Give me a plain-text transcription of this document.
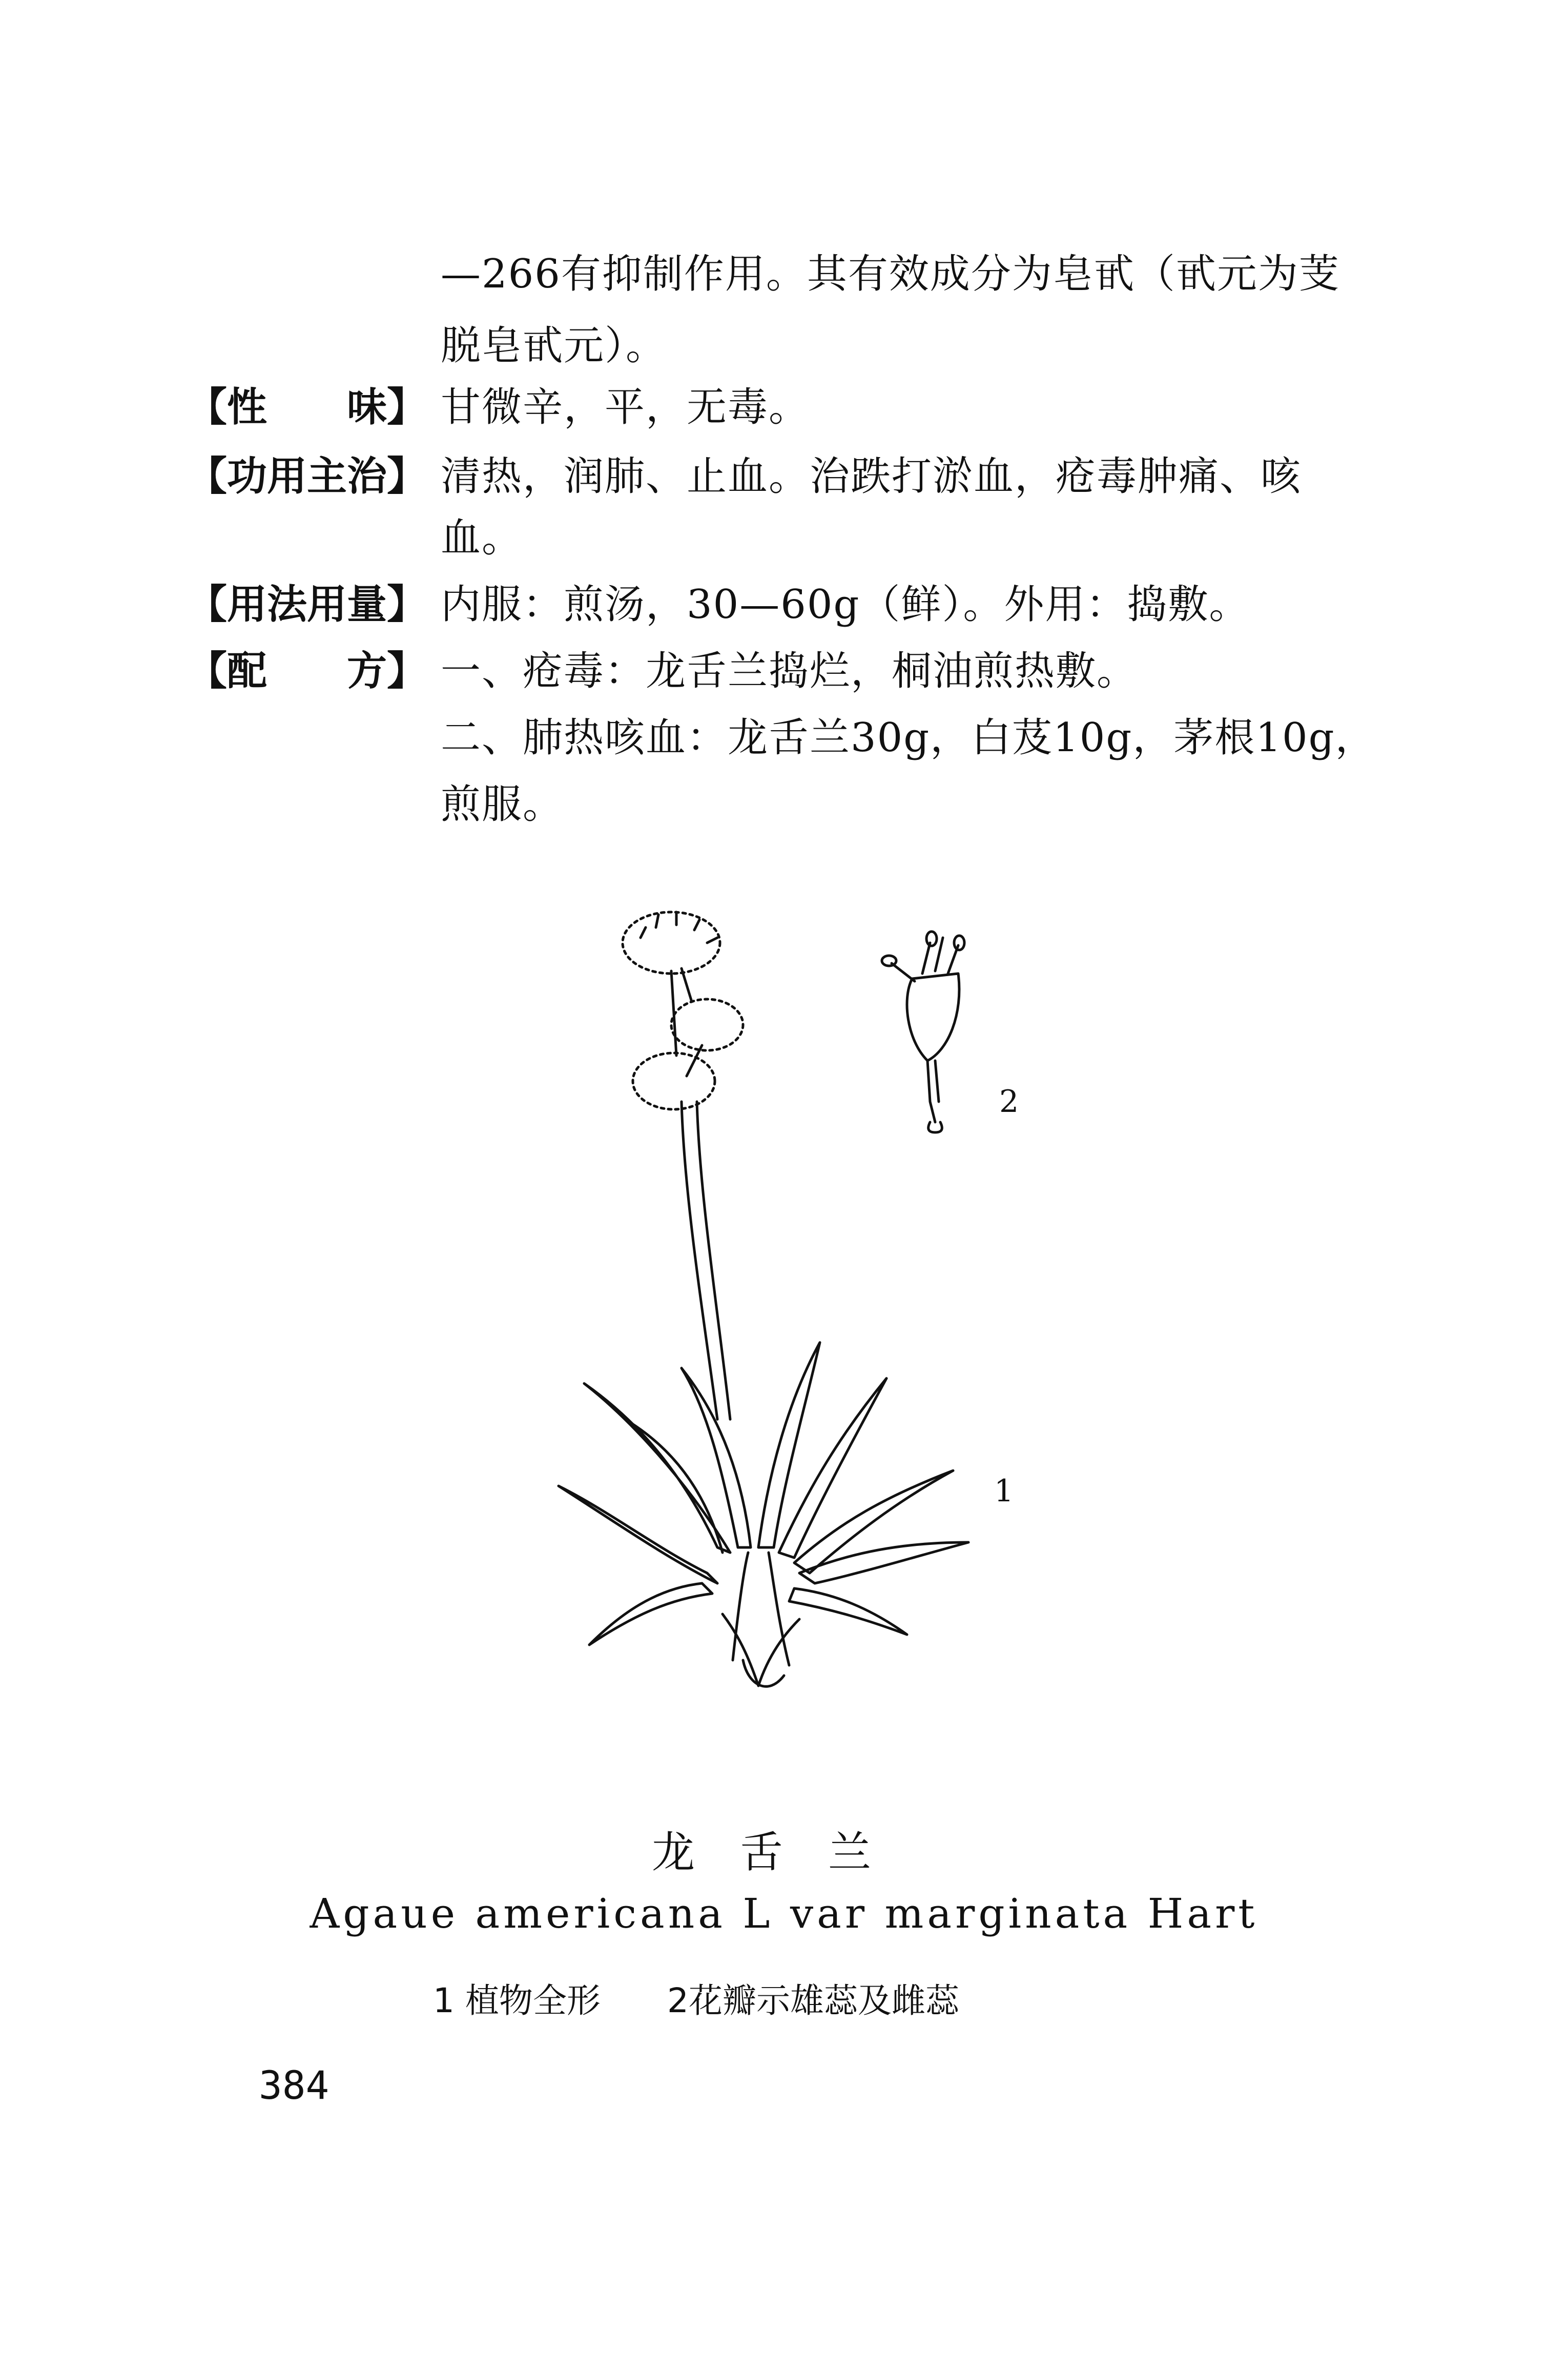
—266有抑制作用。其有效成分为皂甙（甙元为芰
脱皂甙元）。
【性　　味】 甘微辛，平，无毒。
【功用主治】 清热，润肺、止血。治跌打淤血，疮毒肿痛、咳
血。
【用法用量】 内服：煎汤，30—60g（鲜）。外用：捣敷。
【配　　方】 一、疮毒：龙舌兰捣烂，桐油煎热敷。
二、肺热咳血：龙舌兰30g，白芨10g，茅根10g，
煎服。
1
2
龙舌兰
Agaue americana L var marginata Hart
1 植物全形 2花瓣示雄蕊及雌蕊
384
